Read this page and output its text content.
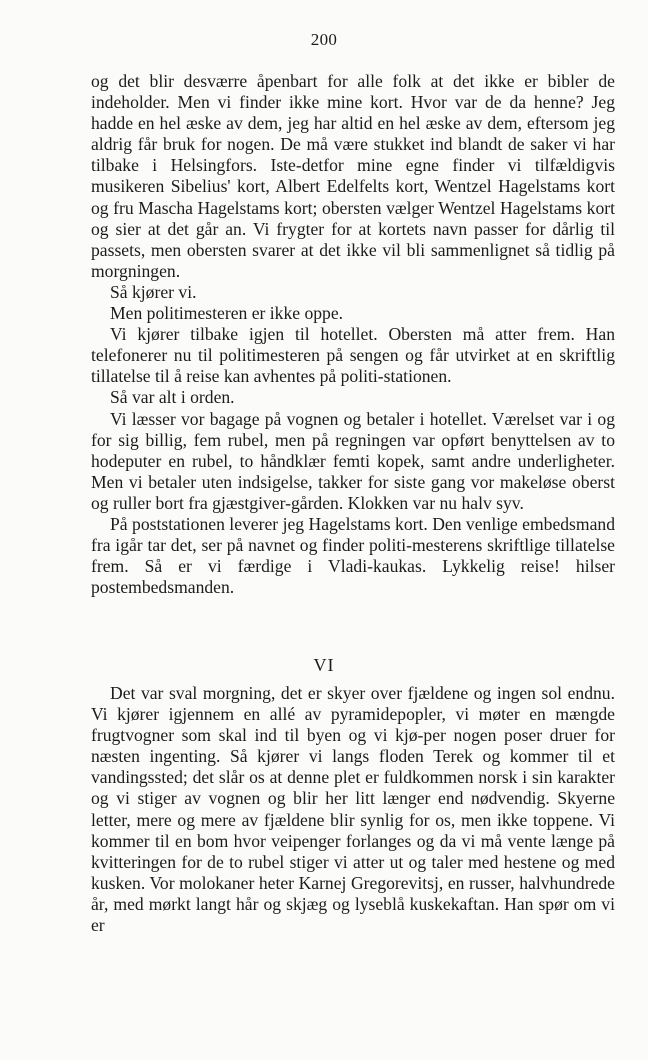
200

og det blir desværre åpenbart for alle folk at det ikke er bibler de indeholder. Men vi finder ikke mine kort. Hvor var de da henne? Jeg hadde en hel æske av dem, jeg har altid en hel æske av dem, eftersom jeg aldrig får bruk for nogen. De må være stukket ind blandt de saker vi har tilbake i Helsingfors. Iste-detfor mine egne finder vi tilfældigvis musikeren Sibelius' kort, Albert Edelfelts kort, Wentzel Hagelstams kort og fru Mascha Hagelstams kort; obersten vælger Wentzel Hagelstams kort og sier at det går an. Vi frygter for at kortets navn passer for dårlig til passets, men obersten svarer at det ikke vil bli sammenlignet så tidlig på morgningen.

Så kjører vi.

Men politimesteren er ikke oppe.

Vi kjører tilbake igjen til hotellet. Obersten må atter frem. Han telefonerer nu til politimesteren på sengen og får utvirket at en skriftlig tillatelse til å reise kan avhentes på politi-stationen.

Så var alt i orden.

Vi læsser vor bagage på vognen og betaler i hotellet. Værelset var i og for sig billig, fem rubel, men på regningen var opført benyttelsen av to hodeputer en rubel, to håndklær femti kopek, samt andre underligheter. Men vi betaler uten indsigelse, takker for siste gang vor makeløse oberst og ruller bort fra gjæstgiver-gården. Klokken var nu halv syv.

På poststationen leverer jeg Hagelstams kort. Den venlige embedsmand fra igår tar det, ser på navnet og finder politi-mesterens skriftlige tillatelse frem. Så er vi færdige i Vladi-kaukas. Lykkelig reise! hilser postembedsmanden.

VI

Det var sval morgning, det er skyer over fjældene og ingen sol endnu. Vi kjører igjennem en allé av pyramidepopler, vi møter en mængde frugtvogner som skal ind til byen og vi kjø-per nogen poser druer for næsten ingenting. Så kjører vi langs floden Terek og kommer til et vandingssted; det slår os at denne plet er fuldkommen norsk i sin karakter og vi stiger av vognen og blir her litt længer end nødvendig. Skyerne letter, mere og mere av fjældene blir synlig for os, men ikke toppene. Vi kommer til en bom hvor veipenger forlanges og da vi må vente længe på kvitteringen for de to rubel stiger vi atter ut og taler med hestene og med kusken. Vor molokaner heter Karnej Gregorevitsj, en russer, halvhundrede år, med mørkt langt hår og skjæg og lyseblå kuskekaftan. Han spør om vi er
